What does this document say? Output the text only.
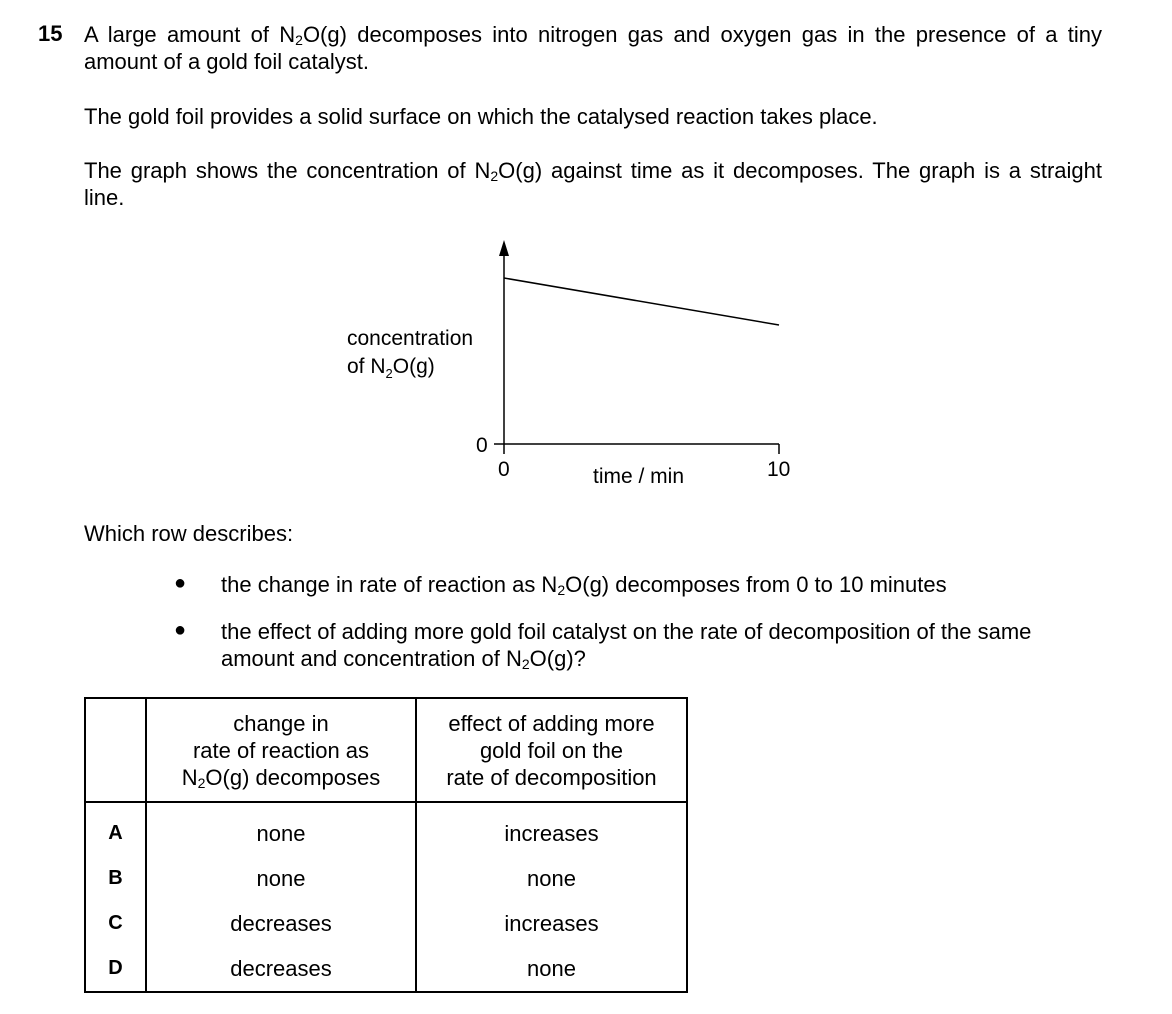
15 A large amount of $N_2O(g)$ decomposes into nitrogen gas and oxygen gas in the presence of a tiny amount of a gold foil catalyst.
The gold foil provides a solid surface on which the catalysed reaction takes place.
The graph shows the concentration of $N_2O(g)$ against time as it decomposes. The graph is a straight line.
concentration
of $N_2O(g)$
0
0	10
time / min
Which row describes:
● the change in rate of reaction as $N_2O(g)$ decomposes from 0 to 10 minutes
● the effect of adding more gold foil catalyst on the rate of decomposition of the same amount and concentration of $N_2O(g)$?
	change in
rate of reaction as
$N_2O(g)$ decomposes	effect of adding more
gold foil on the
rate of decomposition
A	none	increases
B	none	none
C	decreases	increases
D	decreases	none
